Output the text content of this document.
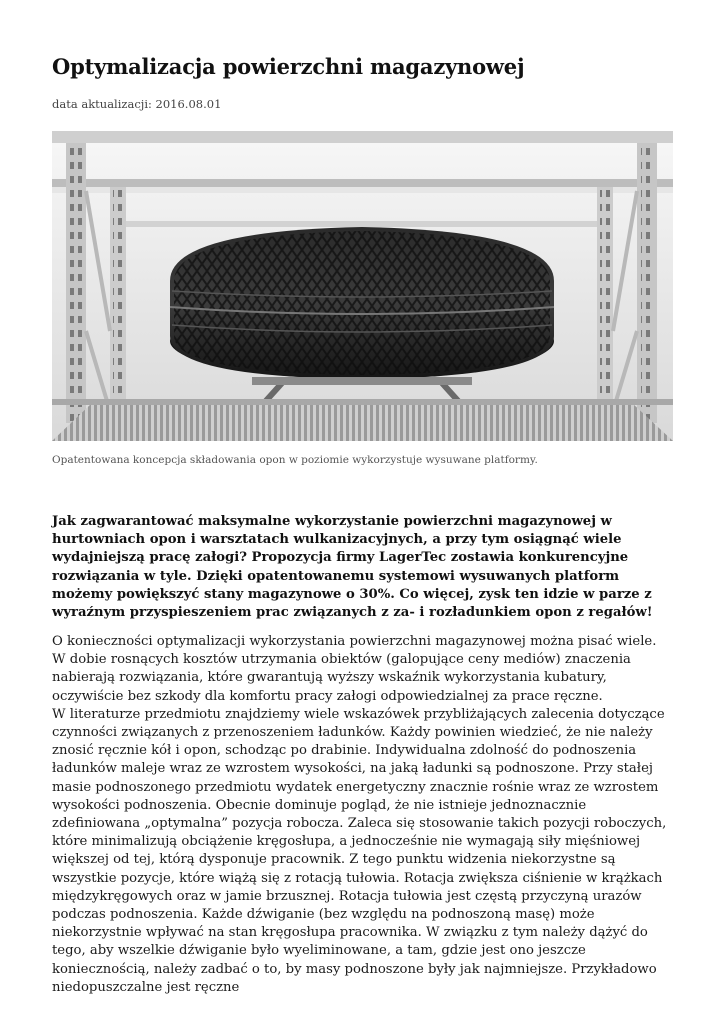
Optymalizacja powierzchni magazynowej
data aktualizacji: 2016.08.01
Opatentowana koncepcja składowania opon w poziomie wykorzystuje wysuwane platformy.

Jak zagwarantować maksymalne wykorzystanie powierzchni magazynowej w hurtowniach opon i warsztatach wulkanizacyjnych, a przy tym osiągnąć wiele wydajniejszą pracę załogi? Propozycja firmy LagerTec zostawia konkurencyjne rozwiązania w tyle. Dzięki opatentowanemu systemowi wysuwanych platform możemy powiększyć stany magazynowe o 30%. Co więcej, zysk ten idzie w parze z wyraźnym przyspieszeniem prac związanych z za- i rozładunkiem opon z regałów!

O konieczności optymalizacji wykorzystania powierzchni magazynowej można pisać wiele. W dobie rosnących kosztów utrzymania obiektów (galopujące ceny mediów) znaczenia nabierają rozwiązania, które gwarantują wyższy wskaźnik wykorzystania kubatury, oczywiście bez szkody dla komfortu pracy załogi odpowiedzialnej za prace ręczne.

W literaturze przedmiotu znajdziemy wiele wskazówek przybliżających zalecenia dotyczące czynności związanych z przenoszeniem ładunków. Każdy powinien wiedzieć, że nie należy znosić ręcznie kół i opon, schodząc po drabinie. Indywidualna zdolność do podnoszenia ładunków maleje wraz ze wzrostem wysokości, na jaką ładunki są podnoszone. Przy stałej masie podnoszonego przedmiotu wydatek energetyczny znacznie rośnie wraz ze wzrostem wysokości podnoszenia. Obecnie dominuje pogląd, że nie istnieje jednoznacznie zdefiniowana „optymalna” pozycja robocza. Zaleca się stosowanie takich pozycji roboczych, które minimalizują obciążenie kręgosłupa, a jednocześnie nie wymagają siły mięśniowej większej od tej, którą dysponuje pracownik. Z tego punktu widzenia niekorzystne są wszystkie pozycje, które wiążą się z rotacją tułowia. Rotacja zwiększa ciśnienie w krążkach międzykręgowych oraz w jamie brzusznej. Rotacja tułowia jest częstą przyczyną urazów podczas podnoszenia. Każde dźwiganie (bez względu na podnoszoną masę) może niekorzystnie wpływać na stan kręgosłupa pracownika. W związku z tym należy dążyć do tego, aby wszelkie dźwiganie było wyeliminowane, a tam, gdzie jest ono jeszcze koniecznością, należy zadbać o to, by masy podnoszone były jak najmniejsze. Przykładowo niedopuszczalne jest ręczne
